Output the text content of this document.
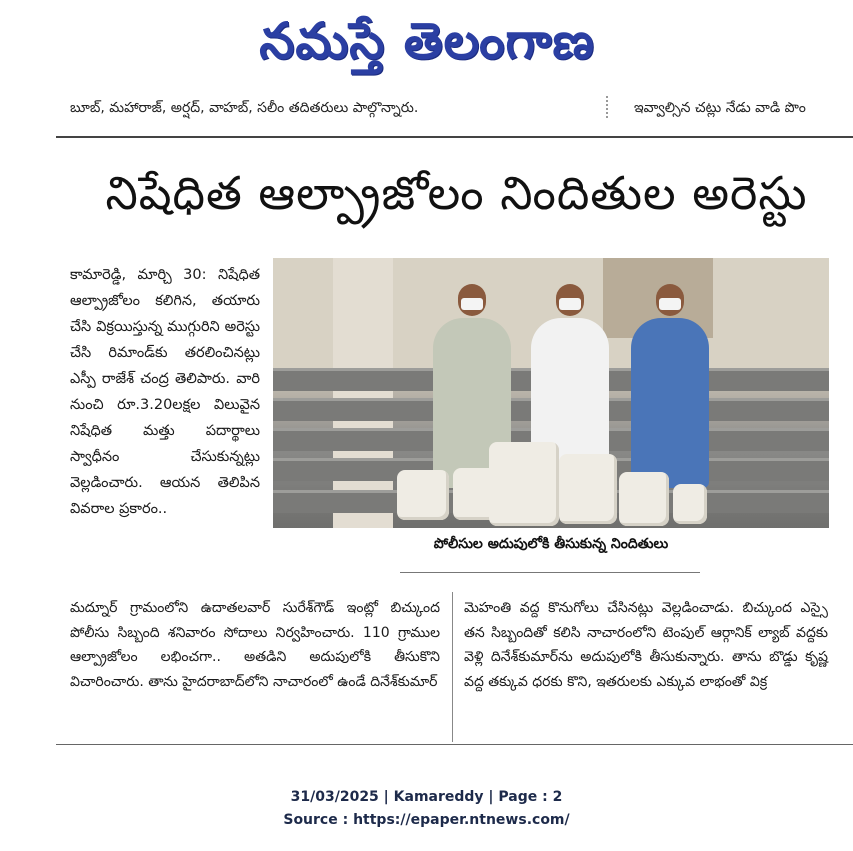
నమస్తే తెలంగాణ
బూబ్, మహారాజ్, అర్షద్, వాహబ్, సలీం తదితరులు పాల్గొన్నారు.	ఇవ్వాల్సిన చట్లు నేడు వాడి పొం
నిషేధిత ఆల్ప్రాజోలం నిందితుల అరెస్టు
కామారెడ్డి, మార్చి 30: నిషేధిత ఆల్ప్రాజోలం కలిగిన, తయారు చేసి విక్రయిస్తున్న ముగ్గురిని అరెస్టు చేసి రిమాండ్‌కు తరలించినట్లు ఎస్పీ రాజేశ్ చంద్ర తెలిపారు. వారి నుంచి రూ.3.20లక్షల విలువైన నిషేధిత మత్తు పదార్థాలు స్వాధీనం చేసుకున్నట్లు వెల్లడించారు. ఆయన తెలిపిన వివరాల ప్రకారం..
పోలీసుల అదుపులోకి తీసుకున్న నిందితులు
మద్నూర్ గ్రామంలోని ఉదాతలవార్ సురేశ్‌గౌడ్ ఇంట్లో బిచ్కుంద పోలీసు సిబ్బంది శనివారం సోదాలు నిర్వహించారు. 110 గ్రాముల ఆల్ప్రాజోలం లభించగా.. అతడిని అదుపులోకి తీసుకొని విచారించారు. తాను హైదరాబాద్‌లోని నాచారంలో ఉండే దినేశ్‌కుమార్
మెహంతి వద్ద కొనుగోలు చేసినట్లు వెల్లడించాడు. బిచ్కుంద ఎస్సై తన సిబ్బందితో కలిసి నాచారంలోని టెంపుల్ ఆర్గానిక్ ల్యాబ్ వద్దకు వెళ్లి దినేశ్‌కుమార్‌ను అదుపులోకి తీసుకున్నారు. తాను బొడ్డు కృష్ణ వద్ద తక్కువ ధరకు కొని, ఇతరులకు ఎక్కువ లాభంతో విక్ర
31/03/2025 | Kamareddy | Page : 2
Source : https://epaper.ntnews.com/
